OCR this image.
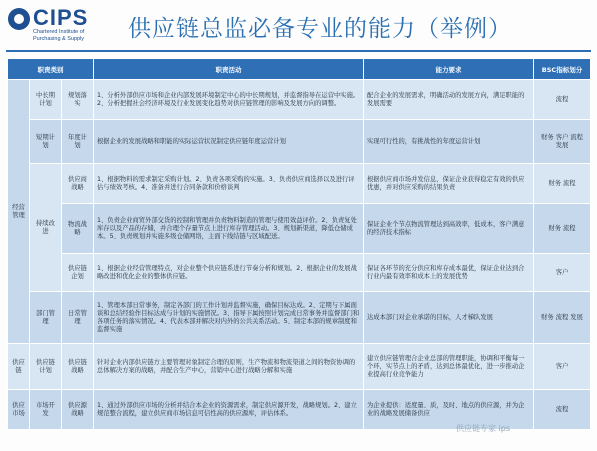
CIPS
Chartered Institute of
Purchasing & Supply 供应链总监必备专业的能力（举例）
职责类别			职责活动	能力要求	BSC指标划分
经营管理	中长期计划	规划落实	1、分析外部供应市场和企业内部发展环境制定中心的中长期规划，并监督指导在运营中实施。2、分析把握社会经济环境及行业发展变化趋势对供应链管理的影响及发展方向的调整。	配合企业的发展需求，明确活动的发展方向，满足职能的发展需要	流程
	短期计划	年度计划	根据企业的发展战略和职能的实际运营状况制定供应链年度运营计划	实现可行性的，有挑战性的年度运营计划	财务 客户 流程 发展
	持续改进	供应商战略	1、根据物料的需求制定采购计划。2、负责各项采购的实施。3、负责供应商选择以及进行评估与绩效考核。4、准备并进行合同条款和价格谈判	根据供应商市场并发信息，保证企业获得稳定有效的供应优惠，并对供应采购的结果负责	财务 流程
		物流战略	1、负责企业商贸外部交货的控制和管理并负责物料制造的管理与使用效益评价。2、负责复处库存以及产品的存储，并合理个存量节点上进行库存管理活动。3、规划新渠道，降低仓储成本。5、负责规划并实施多级仓储网络，主面下线结链与区域配送。	保证企业个节点物流管理达到高效率，低成本，客户满意的经济技术指标	财务 流程
		供应链企划	1、根据企业经营管理特点，对企业整个供应链系进行节奏分析和规划。2、根据企业的发展战略改进和优化企业的整体供应链。	保证各环节的充分供应和库存成本最优，保证企业达到合行业内最有效率和成本上的发展优势	客户
	部门管理	日常管理	1、管理本部日常事务，制定各部门的工作计划并监督实施，确保目标达成。2、定期与下属面谈和总结经验作目标达成与计划的实施情况。3、指导下属按照计划完成日常事务并监督部门和各项任务的落实情况。4、代表本部并解决对内外的公共关系活动。5、制定本部的规章制度和监督实施	达成本部门对企业承诺的目标，人才梯队发展	财务 流程 发展
供应链	供应链计划	供应链战略	针对企业内部供应链方主要管理对象制定合理的原则，生产物流和物流渠道之间的物资协调的总体解决方案的战略，并配合生产中心，营销中心进行战略分解和实施	建立供应链管理合企业总部的管理职能，协调和平衡每一个环，实节点上的矛盾，达到总体最优化，进一步推动企业提高行业竞争能力	客户
供应市场	市场开发	供应源战略	1、通过外部供应市场的分析并结合本企业的资源需求，制定供应源开发，战略规划。2、建立规范整合流程，建立供应商市场信息可信性高的供应源库，评估体系。	为企业提供：适度量、质，及时、地点的供应源，并为企业的战略发展储备供应	流程
供应链专家 ips
